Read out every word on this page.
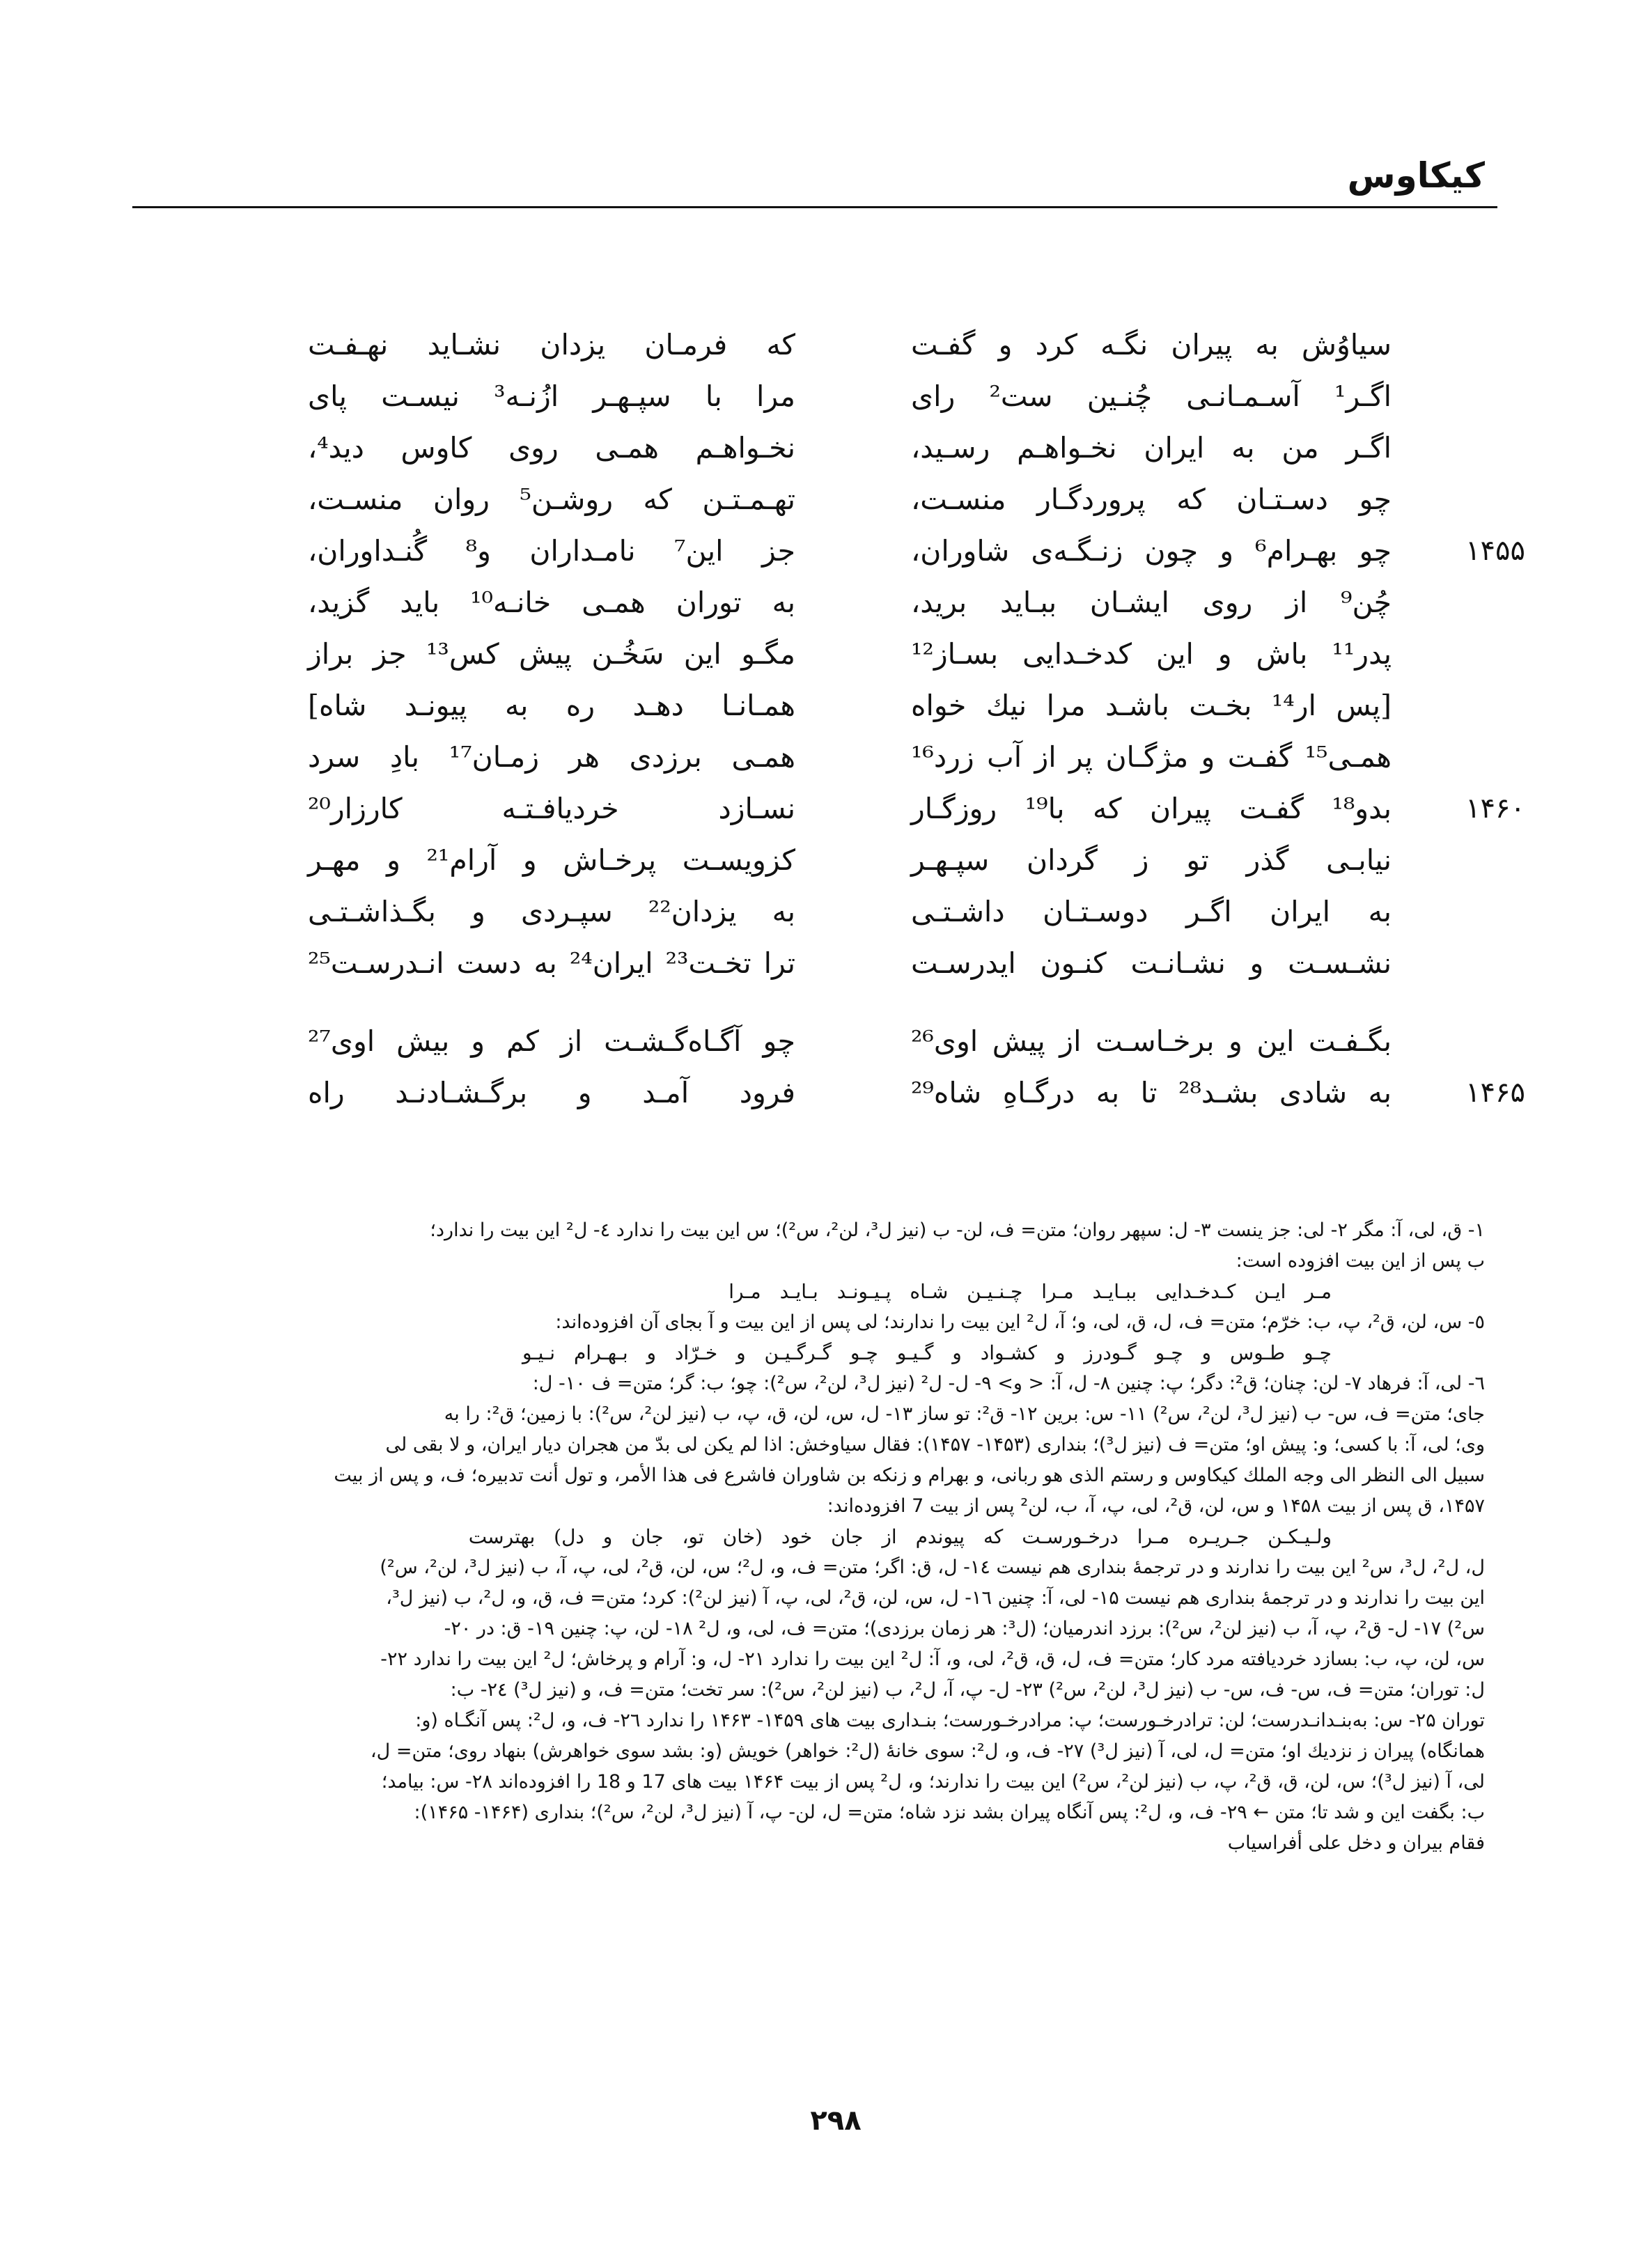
کیکاوس
سیاوُش به پیران نگـه کرد و گفـت
که فرمـان یزدان نشـاید نهـفـت
اگـر¹ آسـمـانـی چُنـین ست² رای
مرا با سپـهـر ازُنـه³ نیسـت پای
اگـر من به ایران نخـواهـم رسـید،
نخـواهـم همـی روی کاوس دید⁴،
چو دسـتـان که پروردگـار منسـت،
تهـمـتـن که روشـن⁵ روان منسـت،
۱۴۵۵
چو بهـرام⁶ و چون زنـگـه‌ی شاوران،
جز این⁷ نامـداران و⁸ گُنـداوران،
چُن⁹ از روی ایشـان ببـاید برید،
به توران همـی خانـه¹⁰ باید گزید،
پدر¹¹ باش و این کدخـدایی بسـاز¹²
مگـو این سَخُـن پیش کس¹³ جز براز
[پس ار¹⁴ بخـت باشـد مرا نیك خواه
همـانـا دهـد ره به پیونـد شاه]
همـی¹⁵ گفـت و مژگـان پر از آب زرد¹⁶
همـی برزدی هر زمـان¹⁷ بادِ سرد
۱۴۶۰
بدو¹⁸ گفـت پیران که با¹⁹ روزگـار
نسـازد خردیافـتـه کارزار²⁰
نیابـی گذر تو ز گردان سپـهـر
کزویسـت پرخـاش و آرام²¹ و مهـر
به ایران اگـر دوسـتـان داشـتـی
به یزدان²² سپـردی و بگـذاشـتـی
نشـسـت و نشـانـت کنـون ایدرسـت
ترا تخـت²³ ایران²⁴ به دست انـدرسـت²⁵
بگـفـت این و برخـاسـت از پیش اوی²⁶
چو آگـاه‌گـشـت از کم و بیش اوی²⁷
۱۴۶۵
به شادی بشـد²⁸ تا به درگـاهِ شاه²⁹
فرود آمـد و برگـشـادنـد راه
۱- ق، لی، آ: مگر ۲- لی: جز ینست ۳- ل: سپهر روان؛ متن= ف، لن- ب (نیز ل³، لن²، س²)؛ س این بیت را ندارد ٤- ل² این بیت را ندارد؛
ب پس از این بیت افزوده است:
مـر ایـن کـدخـدایی ببـایـد مـرا چـنـیـن شـاه پـیـونـد بـایـد مـرا
٥- س، لن، ق²، پ، ب: خرّم؛ متن= ف، ل، ق، لی، و؛ آ، ل² این بیت را ندارند؛ لی پس از این بیت و آ بجای آن افزوده‌اند:
چـو طـوس و چـو گـودرز و کشـواد و گـیـو چـو گـرگـیـن و خـرّاد و بـهـرام نـیـو
٦- لی، آ: فرهاد ۷- لن: چنان؛ ق²: دگر؛ پ: چنین ۸- ل، آ: < و> ۹- ل- ل² (نیز ل³، لن²، س²): چو؛ ب: گر؛ متن= ف ۱۰- ل:
جای؛ متن= ف، س- ب (نیز ل³، لن²، س²) ۱۱- س: برین ۱۲- ق²: تو ساز ۱۳- ل، س، لن، ق، پ، ب (نیز لن²، س²): با زمین؛ ق²: را به
وی؛ لی، آ: با کسی؛ و: پیش او؛ متن= ف (نیز ل³)؛ بنداری (۱۴۵۳- ۱۴۵۷): فقال سیاوخش: اذا لم یکن لی بدّ من هجران دیار ایران، و لا بقی لی
سبیل الی النظر الی وجه الملك کیکاوس و رستم الذی هو ربانی، و بهرام و زنکه بن شاوران فاشرع فی هذا الأمر، و تول أنت تدبیره؛ ف، و پس از بیت
۱۴۵۷، ق پس از بیت ۱۴۵۸ و س، لن، ق²، لی، پ، آ، ب، لن² پس از بیت 7 افزوده‌اند:
ولـیـکـن جـریـره مـرا درخـورسـت که پیوندم از جان خود (خان تو، جان و دل) بهترست
ل، ل²، ل³، س² این بیت را ندارند و در ترجمهٔ بنداری هم نیست ١٤- ل، ق: اگر؛ متن= ف، و، ل²؛ س، لن، ق²، لی، پ، آ، ب (نیز ل³، لن²، س²)
این بیت را ندارند و در ترجمهٔ بنداری هم نیست ۱۵- لی، آ: چنین ١٦- ل، س، لن، ق²، لی، پ، آ (نیز لن²): کرد؛ متن= ف، ق، و، ل²، ب (نیز ل³،
س²) ۱۷- ل- ق²، پ، آ، ب (نیز لن²، س²): برزد اندرمیان؛ (ل³: هر زمان برزدی)؛ متن= ف، لی، و، ل² ۱۸- لن، پ: چنین ۱۹- ق: در ۲۰-
س، لن، پ، ب: بسازد خردیافته مرد کار؛ متن= ف، ل، ق، ق²، لی، و، آ: ل² این بیت را ندارد ۲۱- ل، و: آرام و پرخاش؛ ل² این بیت را ندارد ۲۲-
ل: توران؛ متن= ف، س- ف، س- ب (نیز ل³، لن²، س²) ۲۳- ل- پ، آ، ل²، ب (نیز لن²، س²): سر تخت؛ متن= ف، و (نیز ل³) ٢٤- ب:
توران ۲۵- س: به‌بنـدانـدرست؛ لن: ترادرخـورست؛ پ: مرادرخـورست؛ بنـداری بیت های ۱۴۵۹- ۱۴۶۳ را ندارد ٢٦- ف، و، ل²: پس آنگـاه (و:
همانگاه) پیران ز نزدیك او؛ متن= ل، لی، آ (نیز ل³) ۲۷- ف، و، ل²: سوی خانهٔ (ل²: خواهر) خویش (و: بشد سوی خواهرش) بنهاد روی؛ متن= ل،
لی، آ (نیز ل³)؛ س، لن، ق، ق²، پ، ب (نیز لن²، س²) این بیت را ندارند؛ و، ل² پس از بیت ۱۴۶۴ بیت های 17 و 18 را افزوده‌اند ۲۸- س: بیامد؛
ب: بگفت این و شد تا؛ متن ← ۲۹- ف، و، ل²: پس آنگاه پیران بشد نزد شاه؛ متن= ل، لن- پ، آ (نیز ل³، لن²، س²)؛ بنداری (۱۴۶۴- ۱۴۶۵):
فقام بیران و دخل علی أفراسیاب
۲۹۸
